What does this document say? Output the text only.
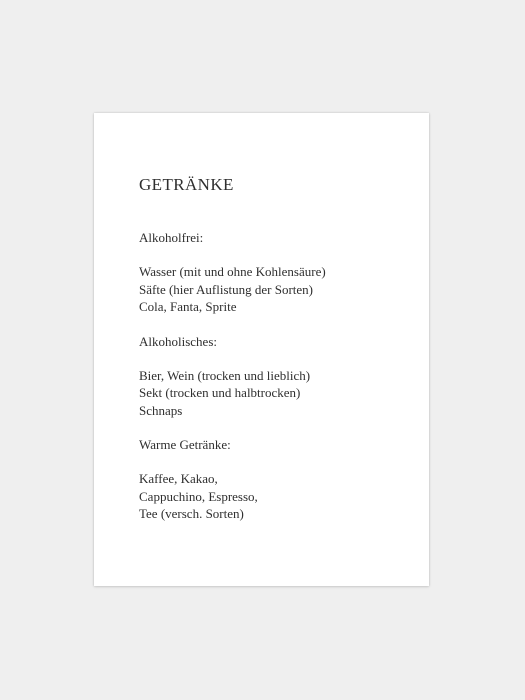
GETRÄNKE
Alkoholfrei:
Wasser (mit und ohne Kohlensäure)
Säfte (hier Auflistung der Sorten)
Cola, Fanta, Sprite
Alkoholisches:
Bier, Wein (trocken und lieblich)
Sekt (trocken und halbtrocken)
Schnaps
Warme Getränke:
Kaffee, Kakao,
Cappuchino, Espresso,
Tee (versch. Sorten)
